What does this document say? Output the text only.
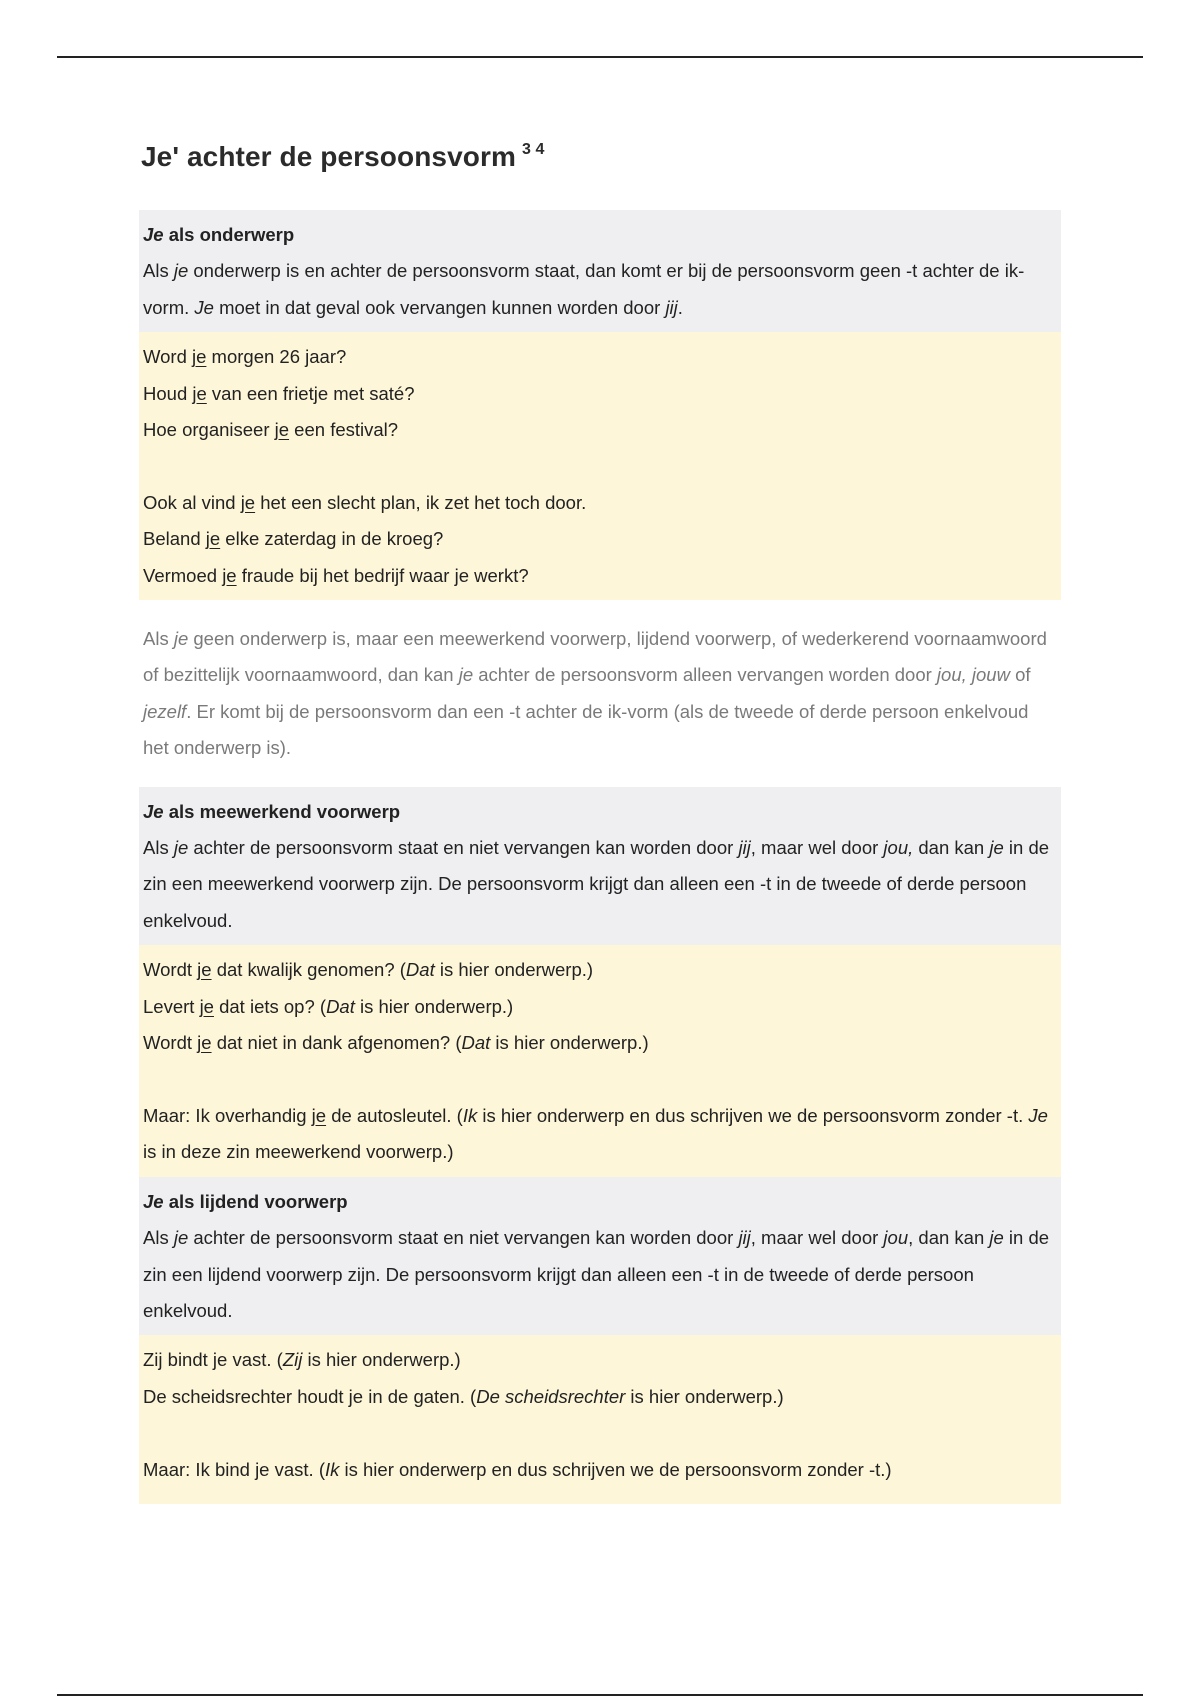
Je' achter de persoonsvorm $^{3 4}$

Je als onderwerp

Als je onderwerp is en achter de persoonsvorm staat, dan komt er bij de persoonsvorm geen -t achter de ik-vorm. Je moet in dat geval ook vervangen kunnen worden door jij.

Word je morgen 26 jaar?

Houd je van een frietje met saté?

Hoe organiseer je een festival?

Ook al vind je het een slecht plan, ik zet het toch door.

Beland je elke zaterdag in de kroeg?

Vermoed je fraude bij het bedrijf waar je werkt?

Als je geen onderwerp is, maar een meewerkend voorwerp, lijdend voorwerp, of wederkerend voornaamwoord of bezittelijk voornaamwoord, dan kan je achter de persoonsvorm alleen vervangen worden door jou, jouw of jezelf. Er komt bij de persoonsvorm dan een -t achter de ik-vorm (als de tweede of derde persoon enkelvoud het onderwerp is).

Je als meewerkend voorwerp

Als je achter de persoonsvorm staat en niet vervangen kan worden door jij, maar wel door jou, dan kan je in de zin een meewerkend voorwerp zijn. De persoonsvorm krijgt dan alleen een -t in de tweede of derde persoon enkelvoud.

Wordt je dat kwalijk genomen? (Dat is hier onderwerp.)

Levert je dat iets op? (Dat is hier onderwerp.)

Wordt je dat niet in dank afgenomen? (Dat is hier onderwerp.)

Maar: Ik overhandig je de autosleutel. (Ik is hier onderwerp en dus schrijven we de persoonsvorm zonder -t. Je is in deze zin meewerkend voorwerp.)

Je als lijdend voorwerp

Als je achter de persoonsvorm staat en niet vervangen kan worden door jij, maar wel door jou, dan kan je in de zin een lijdend voorwerp zijn. De persoonsvorm krijgt dan alleen een -t in de tweede of derde persoon enkelvoud.

Zij bindt je vast. (Zij is hier onderwerp.)

De scheidsrechter houdt je in de gaten. (De scheidsrechter is hier onderwerp.)

Maar: Ik bind je vast. (Ik is hier onderwerp en dus schrijven we de persoonsvorm zonder -t.)
